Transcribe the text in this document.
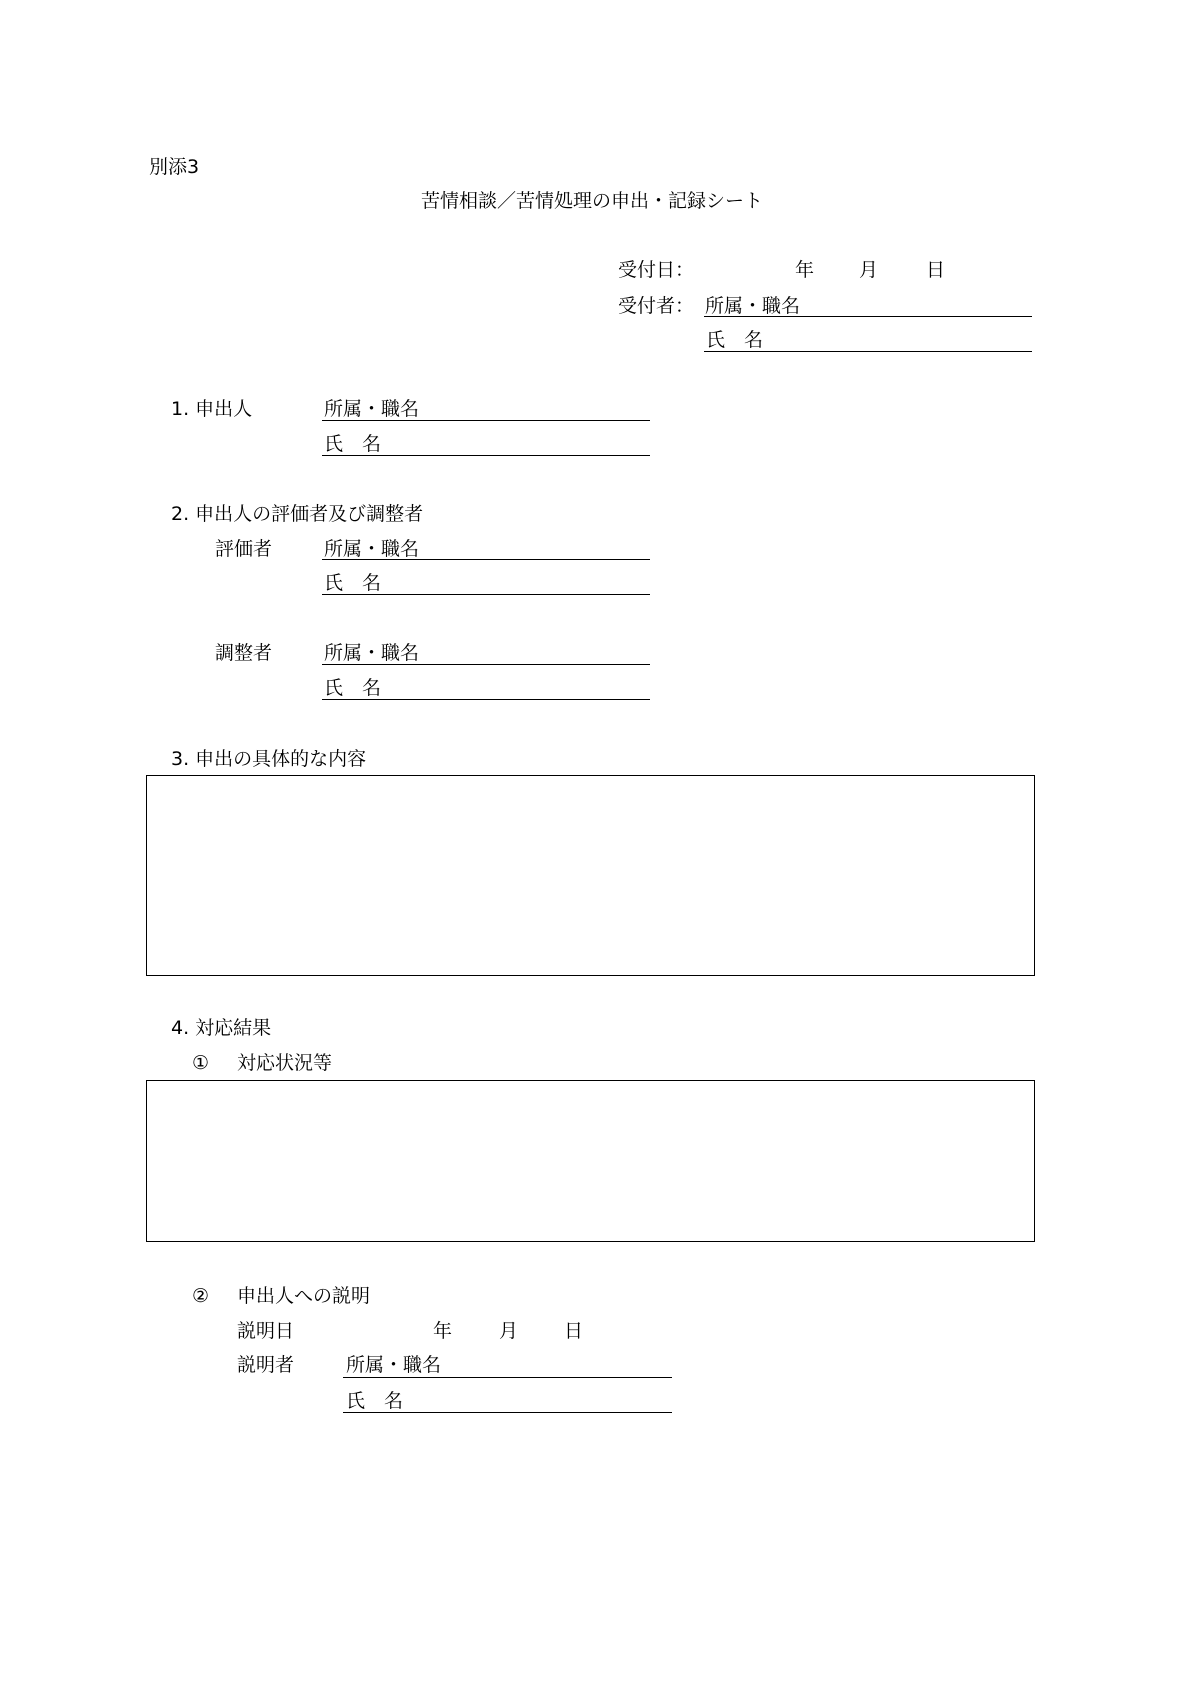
別添3
苦情相談／苦情処理の申出・記録シート
受付日：	年 月	日
受付者： 所属・職名
氏　名
1. 申出人	所属・職名
氏　名
2. 申出人の評価者及び調整者
評価者	所属・職名
氏　名
調整者	所属・職名
氏　名
3. 申出の具体的な内容
4. 対応結果
① 対応状況等
② 申出人への説明
説明日	年 月 日
説明者	所属・職名
氏　名
